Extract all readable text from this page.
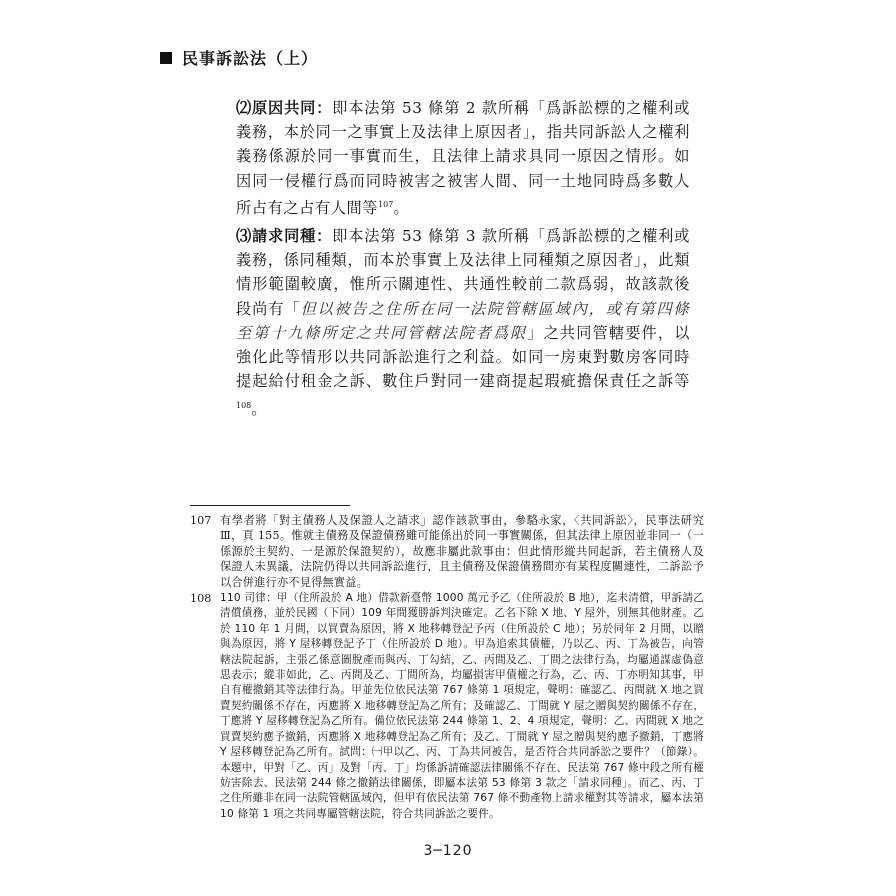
民事訴訟法（上）
⑵原因共同：即本法第 53 條第 2 款所稱「爲訴訟標的之權利或義務，本於同一之事實上及法律上原因者」，指共同訴訟人之權利義務係源於同一事實而生，且法律上請求具同一原因之情形。如因同一侵權行爲而同時被害之被害人間、同一土地同時爲多數人所占有之占有人間等$^{107}$。
⑶請求同種：即本法第 53 條第 3 款所稱「爲訴訟標的之權利或義務，係同種類，而本於事實上及法律上同種類之原因者」，此類情形範圍較廣，惟所示關連性、共通性較前二款爲弱，故該款後段尚有「但以被告之住所在同一法院管轄區域內，或有第四條至第十九條所定之共同管轄法院者爲限」之共同管轄要件，以強化此等情形以共同訴訟進行之利益。如同一房東對數房客同時提起給付租金之訴、數住戶對同一建商提起瑕疵擔保責任之訴等$^{108}$。
107 有學者將「對主債務人及保證人之請求」認作該款事由，參駱永家，〈共同訴訟〉，民事法研究Ⅲ，頁 155。惟就主債務及保證債務雖可能係出於同一事實關係，但其法律上原因並非同一（一係源於主契約、一是源於保證契約），故應非屬此款事由：但此情形縱共同起訴，若主債務人及保證人未異議，法院仍得以共同訴訟進行，且主債務及保證債務間亦有某程度關連性，二訴訟予以合併進行亦不見得無實益。
108 110 司律：甲（住所設於 A 地）借款新臺幣 1000 萬元予乙（住所設於 B 地），迄未清償，甲訴請乙清償債務，並於民國（下同）109 年間獲勝訴判決確定。乙名下除 X 地、Y 屋外，別無其他財產。乙於 110 年 1 月間，以買賣為原因，將 X 地移轉登記予丙（住所設於 C 地）；另於同年 2 月間，以贈與為原因，將 Y 屋移轉登記予丁（住所設於 D 地）。甲為追索其債權，乃以乙、丙、丁為被告，向管轄法院起訴，主張乙係意圖脫產而與丙、丁勾結，乙、丙間及乙、丁間之法律行為，均屬通謀虛偽意思表示；縱非如此，乙、丙間及乙、丁間所為，均屬損害甲債權之行為，乙、丙、丁亦明知其事，甲自有權撤銷其等法律行為。甲並先位依民法第 767 條第 1 項規定，聲明：確認乙、丙間就 X 地之買賣契約關係不存在，丙應將 X 地移轉登記為乙所有；及確認乙、丁間就 Y 屋之贈與契約關係不存在，丁應將 Y 屋移轉登記為乙所有。備位依民法第 244 條第 1、2、4 項規定，聲明：乙、丙間就 X 地之買賣契約應予撤銷，丙應將 X 地移轉登記為乙所有；及乙、丁間就 Y 屋之贈與契約應予撤銷，丁應將 Y 屋移轉登記為乙所有。試問：㈠甲以乙、丙、丁為共同被告，是否符合共同訴訟之要件？（節錄）。本題中，甲對「乙、丙」及對「丙、丁」均係訴請確認法律關係不存在、民法第 767 條中段之所有權妨害除去、民法第 244 條之撤銷法律關係，即屬本法第 53 條第 3 款之「請求同種」。而乙、丙、丁之住所雖非在同一法院管轄區域內，但甲有依民法第 767 條不動產物上請求權對其等請求，屬本法第 10 條第 1 項之共同專屬管轄法院，符合共同訴訟之要件。
3─120
